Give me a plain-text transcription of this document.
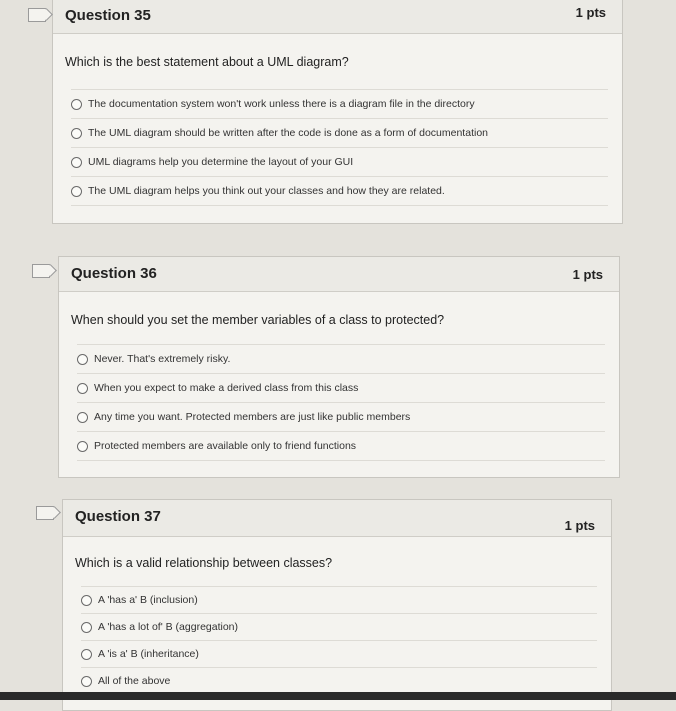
Question 35	1 pts
Which is the best statement about a UML diagram?
The documentation system won't work unless there is a diagram file in the directory
The UML diagram should be written after the code is done as a form of documentation
UML diagrams help you determine the layout of your GUI
The UML diagram helps you think out your classes and how they are related.
Question 36	1 pts
When should you set the member variables of a class to protected?
Never. That's extremely risky.
When you expect to make a derived class from this class
Any time you want. Protected members are just like public members
Protected members are available only to friend functions
Question 37
1 pts
Which is a valid relationship between classes?
A 'has a' B (inclusion)
A 'has a lot of' B (aggregation)
A 'is a' B (inheritance)
All of the above
